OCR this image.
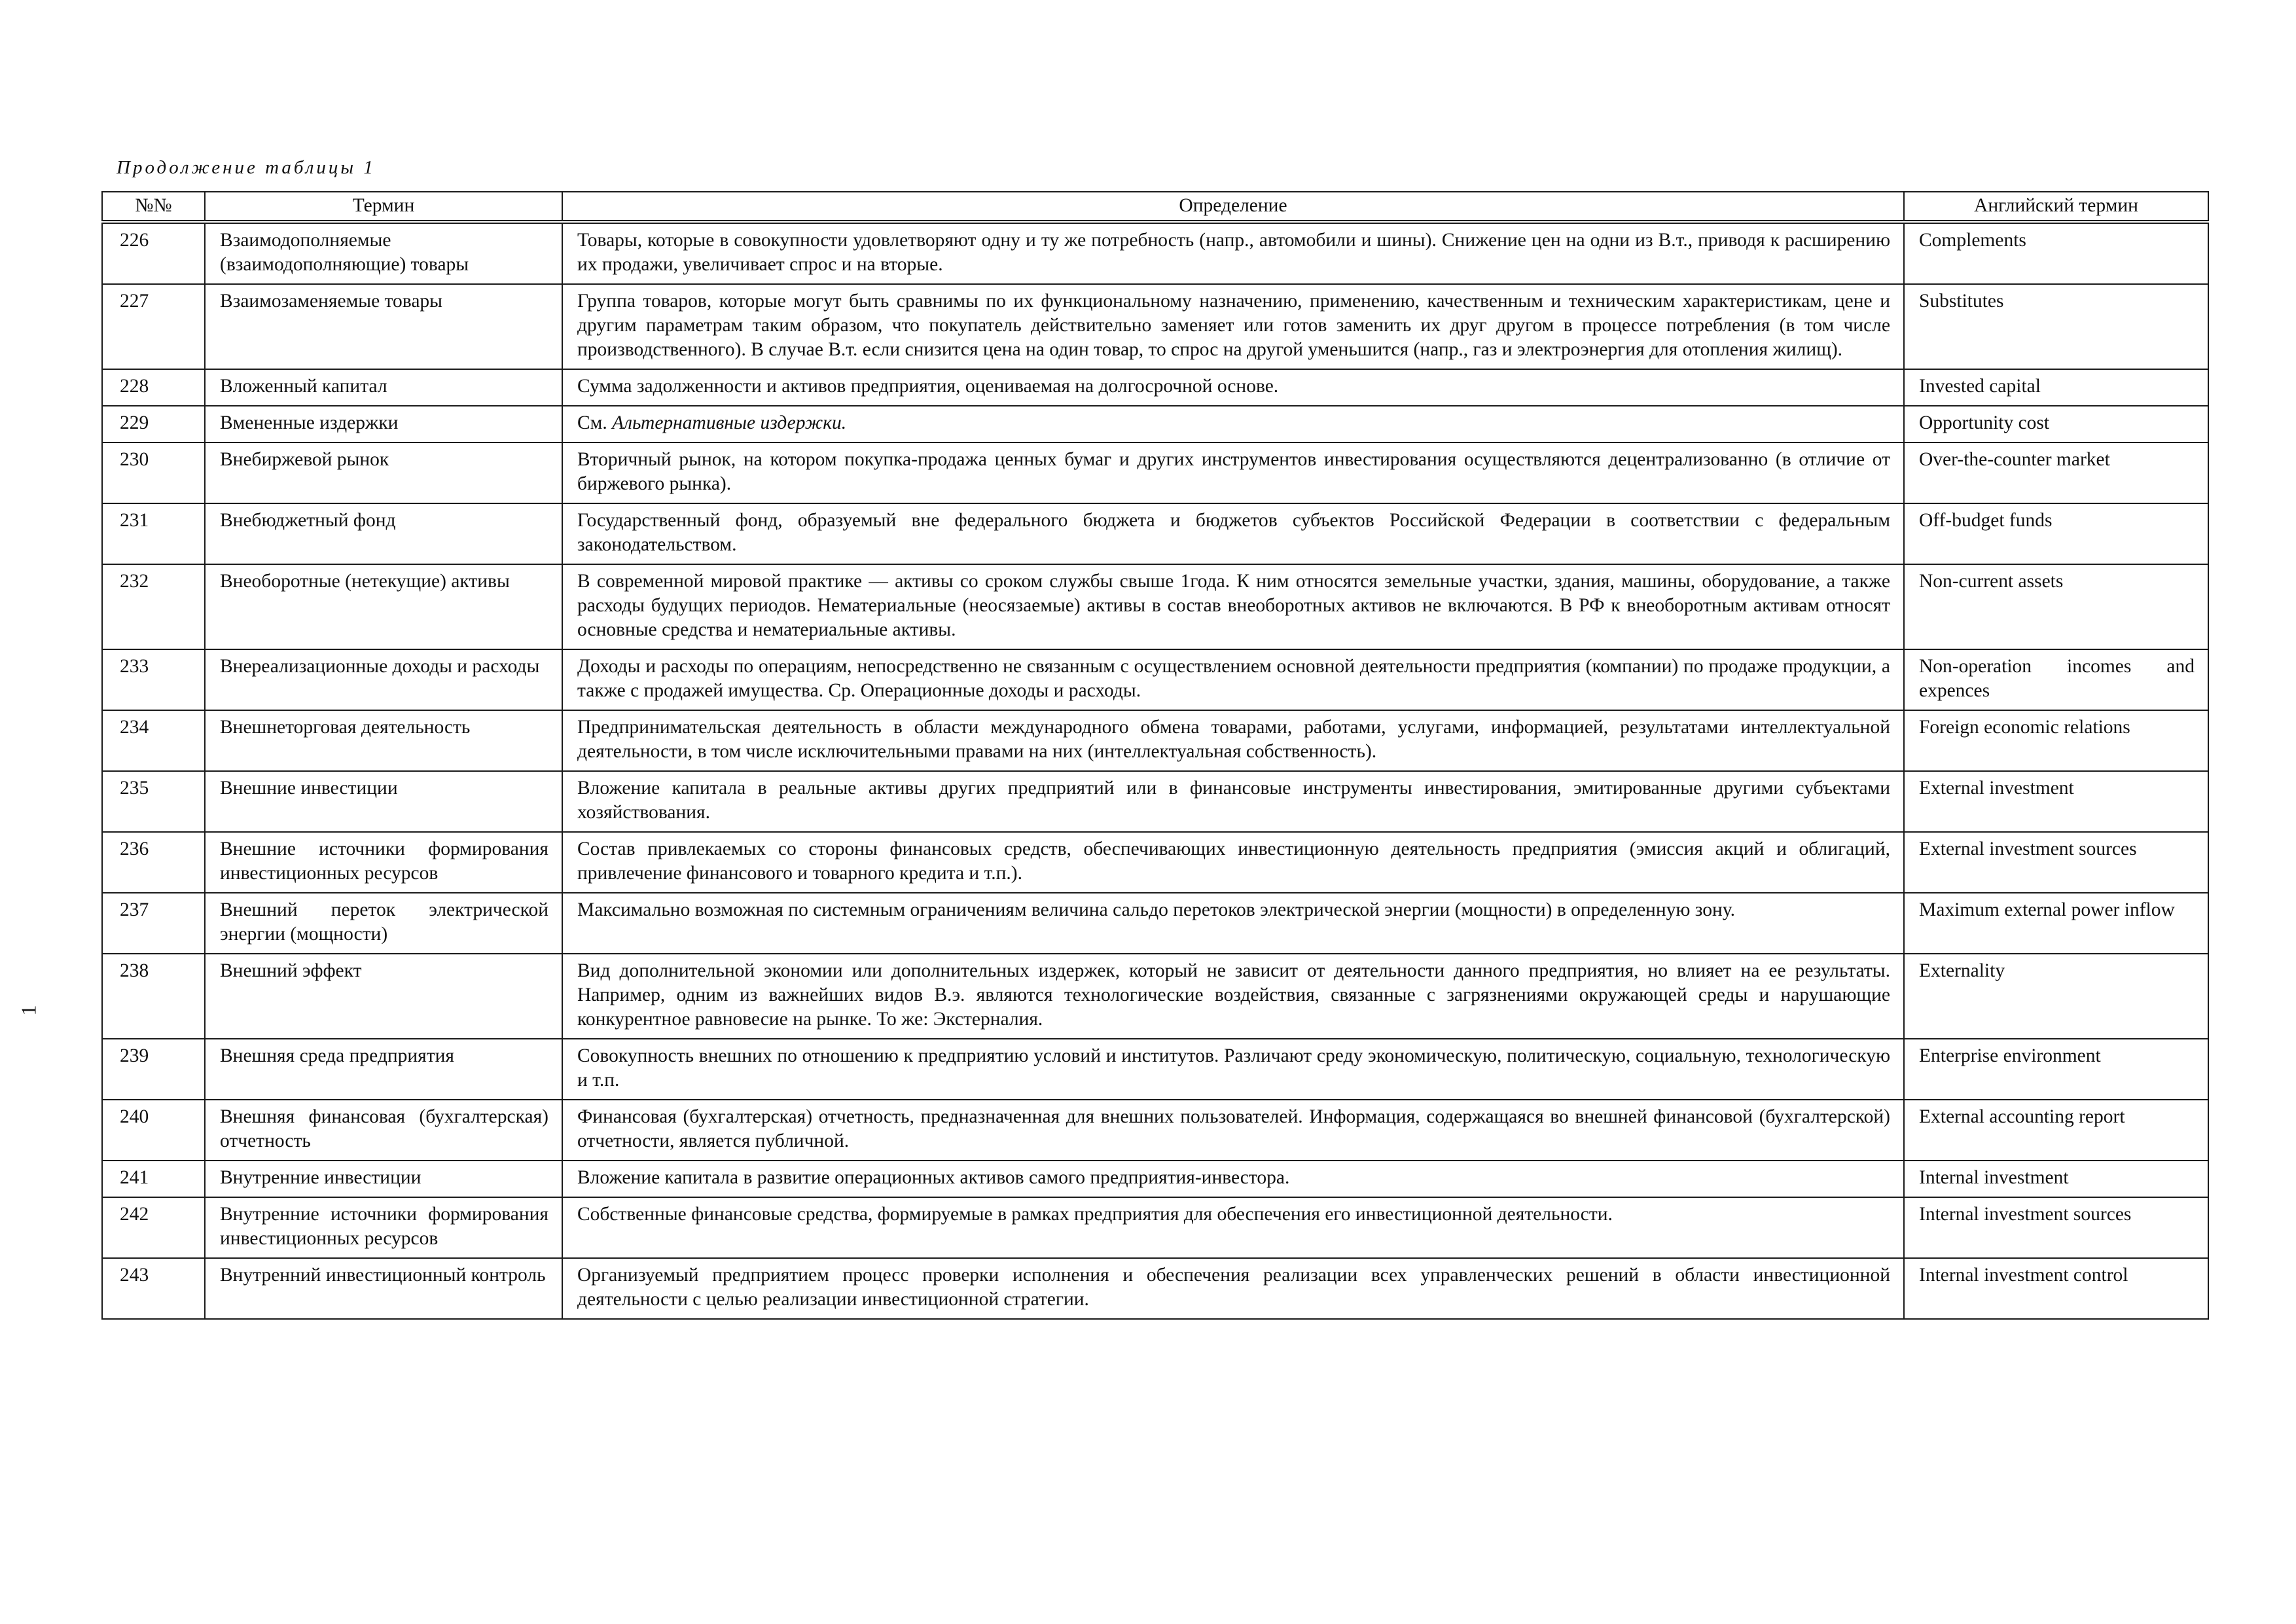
Продолжение таблицы 1
1
№№	Термин	Определение	Английский термин
226	Взаимодополняемые (взаимодополняющие) товары	Товары, которые в совокупности удовлетворяют одну и ту же потребность (напр., автомобили и шины). Снижение цен на одни из В.т., приводя к расширению их продажи, увеличивает спрос и на вторые.	Complements
227	Взаимозаменяемые товары	Группа товаров, которые могут быть сравнимы по их функциональному назначению, применению, качественным и техническим характеристикам, цене и другим параметрам таким образом, что покупатель действительно заменяет или готов заменить их друг другом в процессе потребления (в том числе производственного). В случае В.т. если снизится цена на один товар, то спрос на другой уменьшится (напр., газ и электроэнергия для отопления жилищ).	Substitutes
228	Вложенный капитал	Сумма задолженности и активов предприятия, оцениваемая на долгосрочной основе.	Invested capital
229	Вмененные издержки	См. Альтернативные издержки.	Opportunity cost
230	Внебиржевой рынок	Вторичный рынок, на котором покупка-продажа ценных бумаг и других инструментов инвестирования осуществляются децентрализованно (в отличие от биржевого рынка).	Over-the-counter market
231	Внебюджетный фонд	Государственный фонд, образуемый вне федерального бюджета и бюджетов субъектов Российской Федерации в соответствии с федеральным законодательством.	Off-budget funds
232	Внеоборотные (нетекущие) активы	В современной мировой практике — активы со сроком службы свыше 1года. К ним относятся земельные участки, здания, машины, оборудование, а также расходы будущих периодов. Нематериальные (неосязаемые) активы в состав внеоборотных активов не включаются. В РФ к внеоборотным активам относят основные средства и нематериальные активы.	Non-current assets
233	Внереализационные доходы и расходы	Доходы и расходы по операциям, непосредственно не связанным с осуществлением основной деятельности предприятия (компании) по продаже продукции, а также с продажей имущества. Ср. Операционные доходы и расходы.	Non-operation incomes and expences
234	Внешнеторговая деятельность	Предпринимательская деятельность в области международного обмена товарами, работами, услугами, информацией, результатами интеллектуальной деятельности, в том числе исключительными правами на них (интеллектуальная собственность).	Foreign economic relations
235	Внешние инвестиции	Вложение капитала в реальные активы других предприятий или в финансовые инструменты инвестирования, эмитированные другими субъектами хозяйствования.	External investment
236	Внешние источники формирования инвестиционных ресурсов	Состав привлекаемых со стороны финансовых средств, обеспечивающих инвестиционную деятельность предприятия (эмиссия акций и облигаций, привлечение финансового и товарного кредита и т.п.).	External investment sources
237	Внешний переток электрической энергии (мощности)	Максимально возможная по системным ограничениям величина сальдо перетоков электрической энергии (мощности) в определенную зону.	Maximum external power inflow
238	Внешний эффект	Вид дополнительной экономии или дополнительных издержек, который не зависит от деятельности данного предприятия, но влияет на ее результаты. Например, одним из важнейших видов В.э. являются технологические воздействия, связанные с загрязнениями окружающей среды и нарушающие конкурентное равновесие на рынке. То же: Экстерналия.	Externality
239	Внешняя среда предприятия	Совокупность внешних по отношению к предприятию условий и институтов. Различают среду экономическую, политическую, социальную, технологическую и т.п.	Enterprise environment
240	Внешняя финансовая (бухгалтерская) отчетность	Финансовая (бухгалтерская) отчетность, предназначенная для внешних пользователей. Информация, содержащаяся во внешней финансовой (бухгалтерской) отчетности, является публичной.	External accounting report
241	Внутренние инвестиции	Вложение капитала в развитие операционных активов самого предприятия-инвестора.	Internal investment
242	Внутренние источники формирования инвестиционных ресурсов	Собственные финансовые средства, формируемые в рамках предприятия для обеспечения его инвестиционной деятельности.	Internal investment sources
243	Внутренний инвестиционный контроль	Организуемый предприятием процесс проверки исполнения и обеспечения реализации всех управленческих решений в области инвестиционной деятельности с целью реализации инвестиционной стратегии.	Internal investment control
